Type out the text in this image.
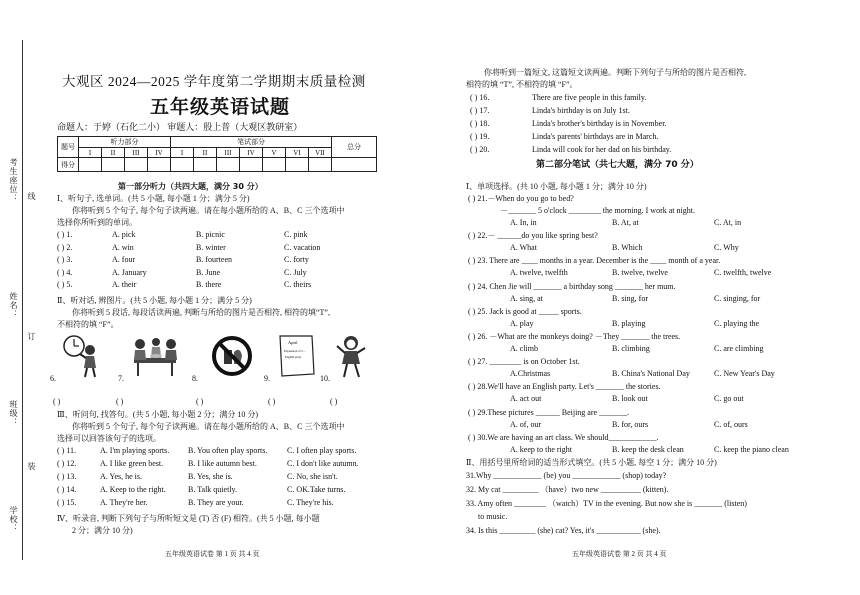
考生座位： 线
姓名：
订
班级：
装
学校：
大观区 2024—2025 学年度第二学期期末质量检测
五年级英语试题
命题人：于婷（石化二小） 审题人：殷上普（大观区教研室）
题号	听力部分				笔试部分							总分
	I	II	III	IV	I	II	III	IV	V	VI	VII	
得分												
第一部分听力（共四大题，满分 30 分）
Ⅰ、听句子, 选单词。(共 5 小题, 每小题 1 分；满分 5 分)
你将听到 5 个句子, 每个句子读两遍。请在每小题所给的 A、B、C 三个选项中
选择你所听到的单词。
( ) 1.	A. pick	B. picnic	C. pink
( ) 2.	A. win	B. winter	C. vacation
( ) 3.	A. four	B. fourteen	C. forty
( ) 4.	A. January	B. June	C. July
( ) 5.	A. their	B. there	C. theirs
Ⅱ、听对话, 辨图片。(共 5 小题, 每小题 1 分；满分 5 分)
你将听到 5 段话, 每段话读两遍, 判断与所给的图片是否相符, 相符的填“T”,
不相符的填 “F”。
6.	7.	8.	9.
April
Expression of 5…
English party
10.
( )	( )	( )	( )	( )
Ⅲ、听问句, 找答句。(共 5 小题, 每小题 2 分；满分 10 分)
你将听到 5 个句子, 每个句子读两遍。请在每小题所给的 A、B、C 三个选项中
选择可以回答该句子的选项。
( ) 11.	A. I'm playing sports. B. You often play sports. C. I often play sports.
( ) 12.	A. I like green best.	B. I like autumn best.	C. I don't like autumn.
( ) 13.	A. Yes, he is.	B. Yes, she is.	C. No, she isn't.
( ) 14.	A. Keep to the right.	B. Talk quietly.	C. OK.Take turns.
( ) 15.	A. They're her.	B. They are your.	C. They're his.
Ⅳ、听录音, 判断下列句子与所听短文是 (T) 否 (F) 相符。(共 5 小题, 每小题
2 分；满分 10 分)
五年级英语试卷 第 1 页 共 4 页
你将听到一篇短文, 这篇短文读两遍。判断下列句子与所给的图片是否相符,
相符的填 “T”, 不相符的填 “F”。
( ) 16.	There are five people in this family.
( ) 17.	Linda's birthday is on July 1st.
( ) 18.	Linda's brother's birthday is in November.
( ) 19.	Linda's parents' birthdays are in March.
( ) 20.	Linda will cook for her dad on his birthday.
第二部分笔试（共七大题，满分 70 分）
Ⅰ、单项选择。(共 10 小题, 每小题 1 分；满分 10 分)
( ) 21.－When do you go to bed?
－_______ 5 o'clock ________ the morning. I work at night.
A. In, in	B. At, at	C. At, in
( ) 22.－ ______do you like spring best?
A. What	B. Which	C. Why
( ) 23. There are ____ months in a year. December is the ____ month of a year.
A. twelve, twelfth	B. twelve, twelve	C. twelfth, twelve
( ) 24. Chen Jie will _______ a birthday song _______ her mum.
A. sing, at	B. sing, for	C. singing, for
( ) 25. Jack is good at _____ sports.
A. play	B. playing	C. playing the
( ) 26. －What are the monkeys doing? －They _______ the trees.
A. climb	B. climbing	C. are climbing
( ) 27. ________ is on October 1st.
A.Christmas	B. China's National Day	C. New Year's Day
( ) 28.We'll have an English party. Let's _______ the stories.
A. act out	B. look out	C. go out
( ) 29.These pictures ______ Beijing are _______.
A. of, our	B. for, ours	C. of, ours
( ) 30.We are having an art class. We should____________.
A. keep to the right	B. keep the desk clean	C. keep the piano clean
Ⅱ、用括号里所给词的适当形式填空。(共 5 小题, 每空 1 分；满分 10 分)
31.Why ____________ (be) you ____________ (shop) today?
32. My cat _________ （have）two new __________ (kitten).
33. Amy often ________ （watch）TV in the evening. But now she is _______ (listen)
to music.
34. Is this _________ (she) cat? Yes, it's ___________ (she).
五年级英语试卷 第 2 页 共 4 页
